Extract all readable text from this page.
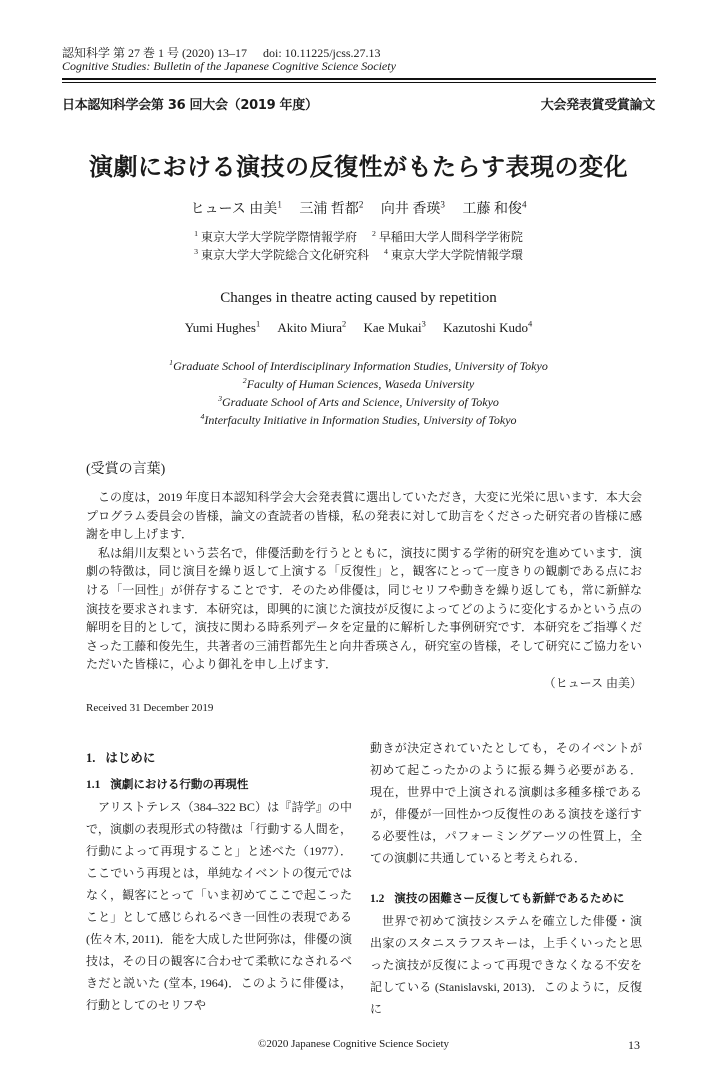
認知科学 第 27 巻 1 号 (2020) 13–17 doi: 10.11225/jcss.27.13
Cognitive Studies: Bulletin of the Japanese Cognitive Science Society
日本認知科学会第 36 回大会（2019 年度）	大会発表賞受賞論文
演劇における演技の反復性がもたらす表現の変化
ヒュース 由美$^1$ 三浦 哲都$^2$ 向井 香瑛$^3$ 工藤 和俊$^4$
$^1$ 東京大学大学院学際情報学府 $^2$ 早稲田大学人間科学学術院
$^3$ 東京大学大学院総合文化研究科 $^4$ 東京大学大学院情報学環
Changes in theatre acting caused by repetition
Yumi Hughes$^1$ Akito Miura$^2$ Kae Mukai$^3$ Kazutoshi Kudo$^4$
$^1$Graduate School of Interdisciplinary Information Studies, University of Tokyo
$^2$Faculty of Human Sciences, Waseda University
$^3$Graduate School of Arts and Science, University of Tokyo
$^4$Interfaculty Initiative in Information Studies, University of Tokyo
(受賞の言葉)

この度は，2019 年度日本認知科学会大会発表賞に選出していただき，大変に光栄に思います．本大会プログラム委員会の皆様，論文の査読者の皆様，私の発表に対して助言をくださった研究者の皆様に感謝を申し上げます．

私は絹川友梨という芸名で，俳優活動を行うとともに，演技に関する学術的研究を進めています．演劇の特徴は，同じ演目を繰り返して上演する「反復性」と，観客にとって一度きりの観劇である点における「一回性」が併存することです．そのため俳優は，同じセリフや動きを繰り返しても，常に新鮮な演技を要求されます．本研究は，即興的に演じた演技が反復によってどのように変化するかという点の解明を目的として，演技に関わる時系列データを定量的に解析した事例研究です．本研究をご指導くださった工藤和俊先生，共著者の三浦哲都先生と向井香瑛さん，研究室の皆様，そして研究にご協力をいただいた皆様に，心より御礼を申し上げます．

（ヒュース 由美）
Received 31 December 2019
1. はじめに
1.1 演劇における行動の再現性

アリストテレス（384–322 BC）は『詩学』の中で，演劇の表現形式の特徴は「行動する人間を，行動によって再現すること」と述べた（1977）．ここでいう再現とは，単純なイベントの復元ではなく，観客にとって「いま初めてここで起こったこと」として感じられるべき一回性の表現である (佐々木, 2011)．能を大成した世阿弥は，俳優の演技は，その日の観客に合わせて柔軟になされるべきだと説いた (堂本, 1964)．このように俳優は，行動としてのセリフや

動きが決定されていたとしても，そのイベントが初めて起こったかのように振る舞う必要がある．現在，世界中で上演される演劇は多種多様であるが，俳優が一回性かつ反復性のある演技を遂行する必要性は，パフォーミングアーツの性質上，全ての演劇に共通していると考えられる．

1.2 演技の困難さー反復しても新鮮であるために

世界で初めて演技システムを確立した俳優・演出家のスタニスラフスキーは，上手くいったと思った演技が反復によって再現できなくなる不安を記している (Stanislavski, 2013)．このように，反復に

©2020 Japanese Cognitive Science Society	13
